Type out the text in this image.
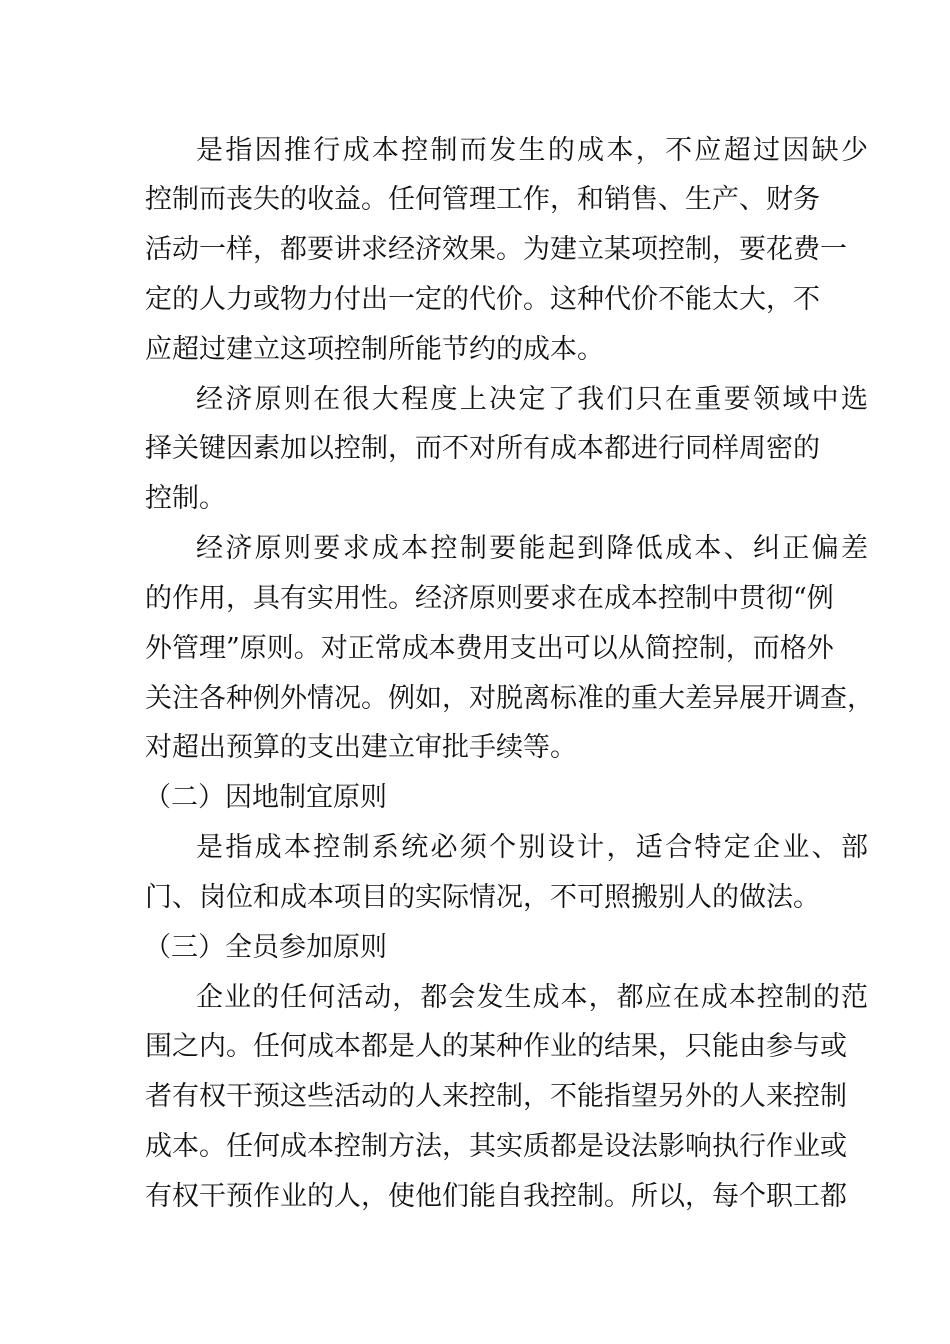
是指因推行成本控制而发生的成本，不应超过因缺少
控制而丧失的收益。任何管理工作，和销售、生产、财务
活动一样，都要讲求经济效果。为建立某项控制，要花费一
定的人力或物力付出一定的代价。这种代价不能太大，不
应超过建立这项控制所能节约的成本。
经济原则在很大程度上决定了我们只在重要领域中选
择关键因素加以控制，而不对所有成本都进行同样周密的
控制。
经济原则要求成本控制要能起到降低成本、纠正偏差
的作用，具有实用性。经济原则要求在成本控制中贯彻“例
外管理”原则。对正常成本费用支出可以从简控制，而格外
关注各种例外情况。例如，对脱离标准的重大差异展开调查，
对超出预算的支出建立审批手续等。
（二）因地制宜原则
是指成本控制系统必须个别设计，适合特定企业、部
门、岗位和成本项目的实际情况，不可照搬别人的做法。
（三）全员参加原则
企业的任何活动，都会发生成本，都应在成本控制的范
围之内。任何成本都是人的某种作业的结果，只能由参与或
者有权干预这些活动的人来控制，不能指望另外的人来控制
成本。任何成本控制方法，其实质都是设法影响执行作业或
有权干预作业的人，使他们能自我控制。所以，每个职工都
